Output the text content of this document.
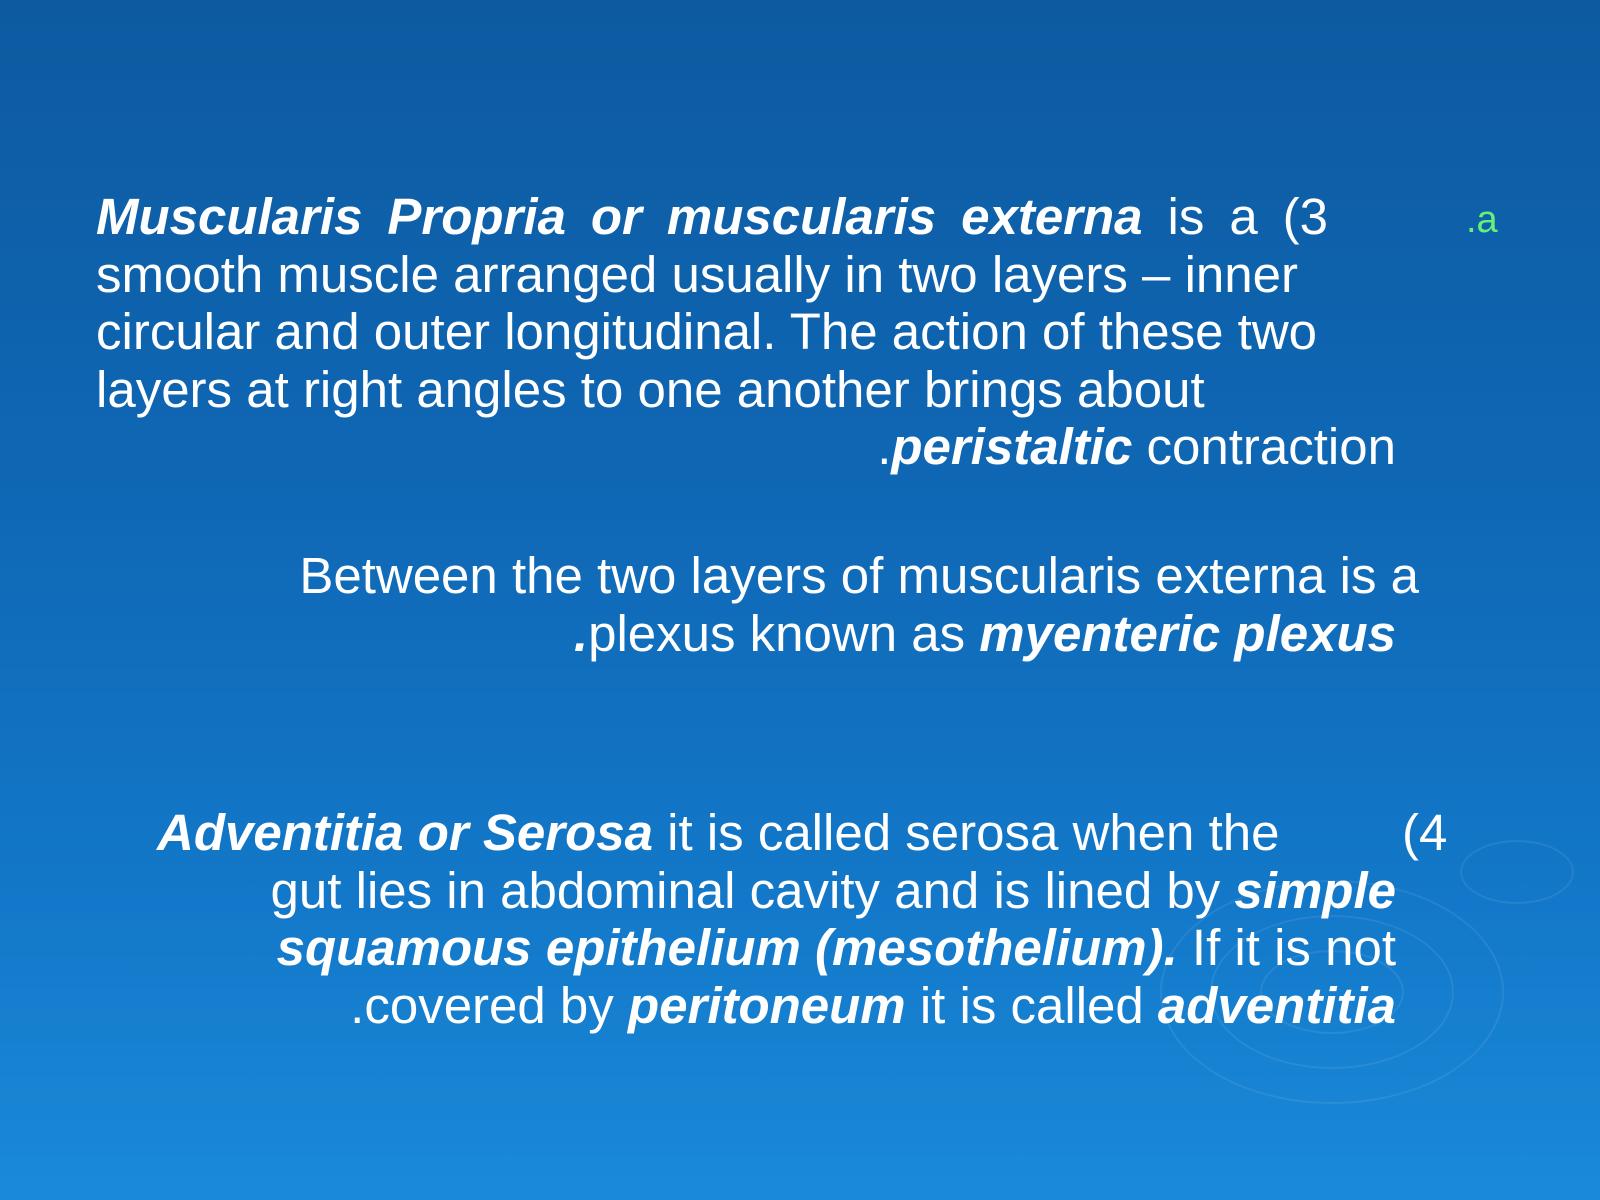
.a
Muscularis Propria or muscularis externa is a (3
smooth muscle arranged usually in two layers – inner
circular and outer longitudinal. The action of these two
layers at right angles to one another brings about
.peristaltic contraction
Between the two layers of muscularis externa is a
.plexus known as myenteric plexus
Adventitia or Serosa it is called serosa when the (4

gut lies in abdominal cavity and is lined by simple
squamous epithelium (mesothelium). If it is not
.covered by peritoneum it is called adventitia
